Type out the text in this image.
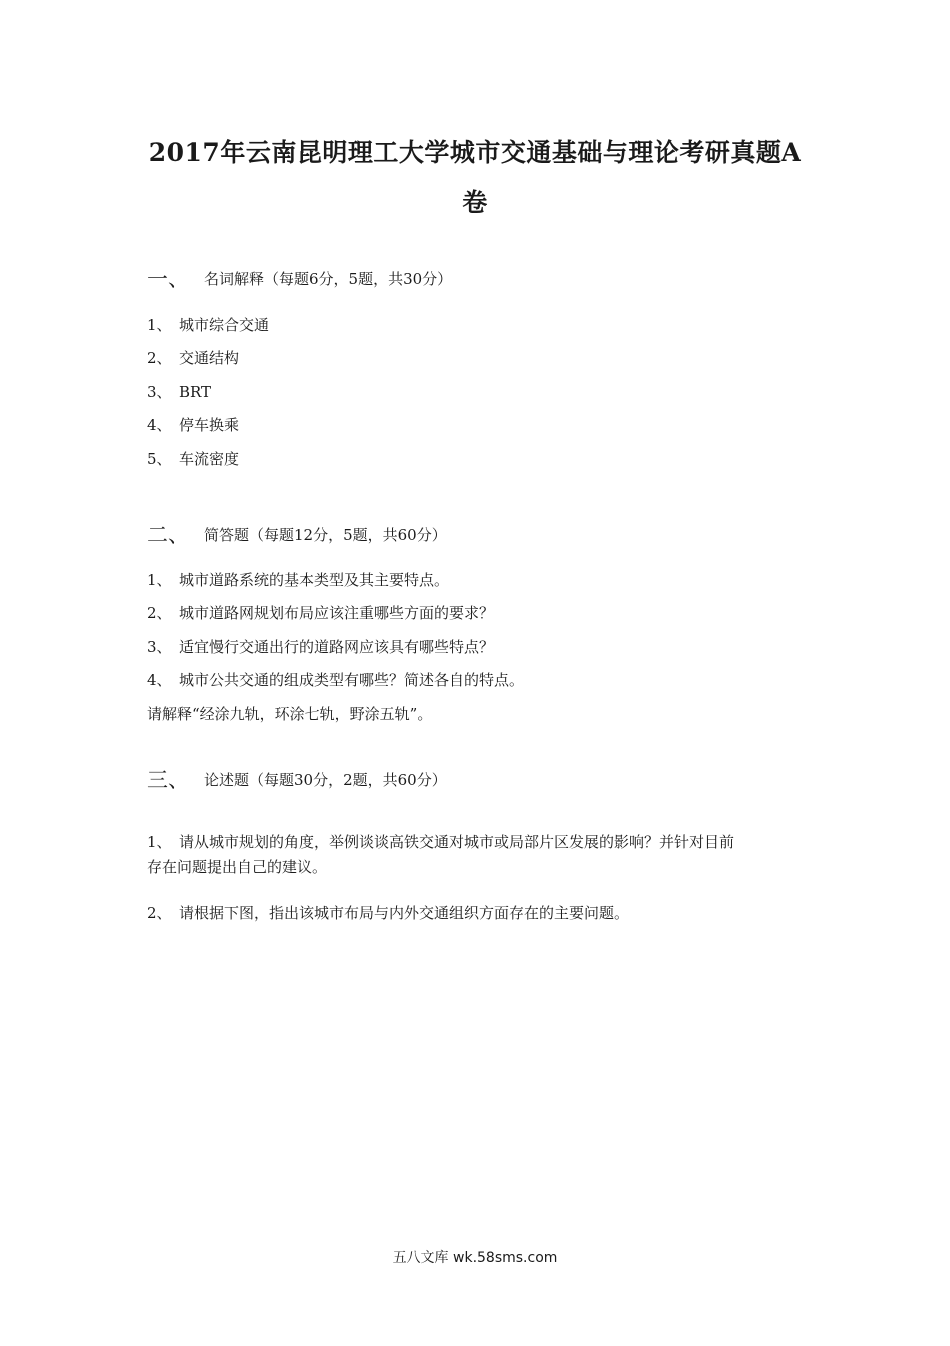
2017年云南昆明理工大学城市交通基础与理论考研真题A
卷
一、 名词解释（每题6分，5题，共30分）
1、 城市综合交通
2、 交通结构
3、 BRT
4、 停车换乘
5、 车流密度
二、 简答题（每题12分，5题，共60分）
1、 城市道路系统的基本类型及其主要特点。
2、 城市道路网规划布局应该注重哪些方面的要求？
3、 适宜慢行交通出行的道路网应该具有哪些特点？
4、 城市公共交通的组成类型有哪些？简述各自的特点。
请解释“经涂九轨，环涂七轨，野涂五轨”。
三、 论述题（每题30分，2题，共60分）
1、 请从城市规划的角度，举例谈谈高铁交通对城市或局部片区发展的影响？并针对目前
存在问题提出自己的建议。
2、 请根据下图，指出该城市布局与内外交通组织方面存在的主要问题。
五八文库 wk.58sms.com
